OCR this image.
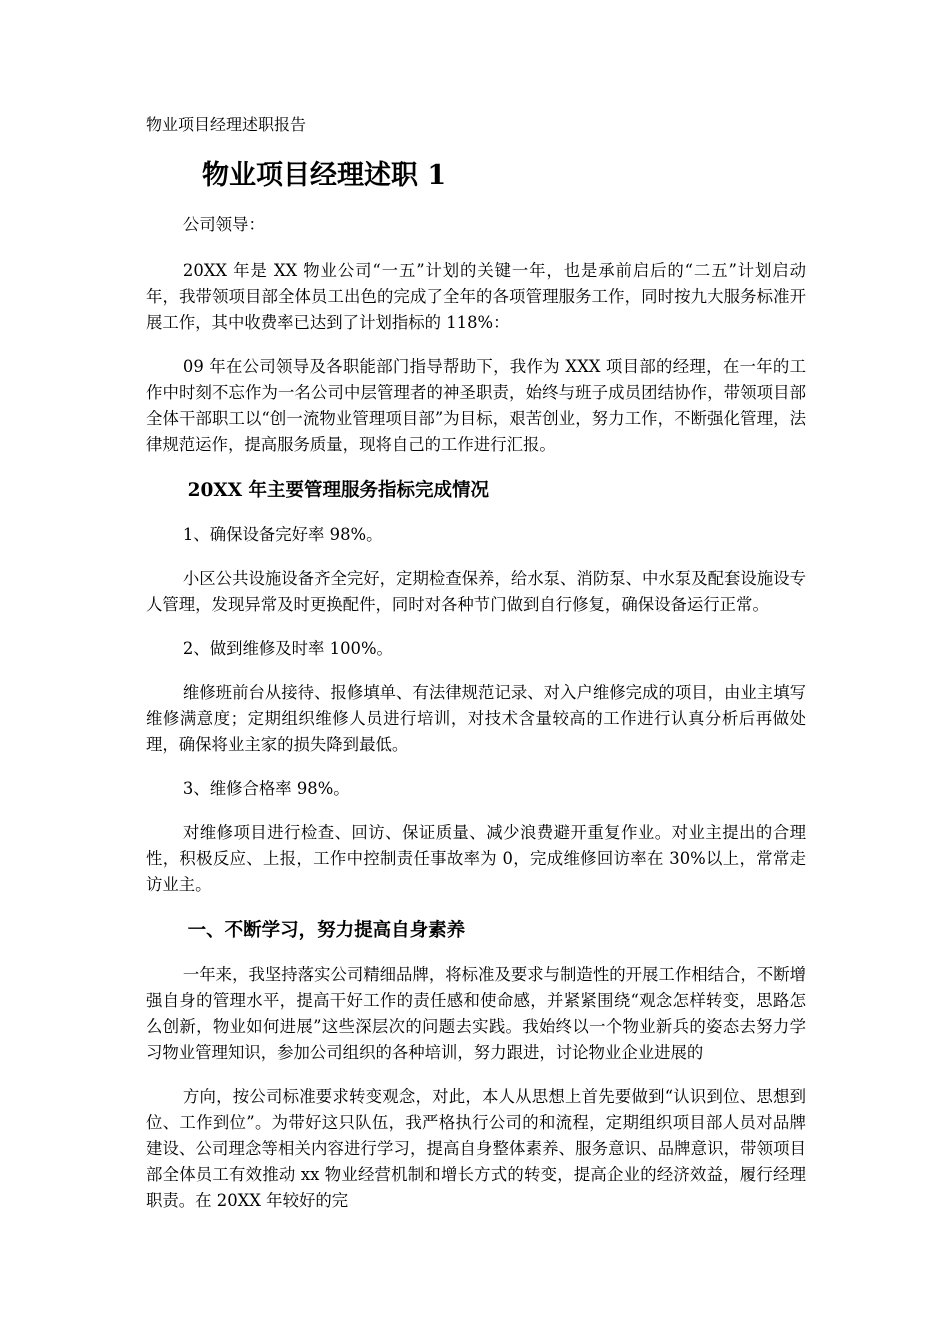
物业项目经理述职报告
物业项目经理述职 1
公司领导：

20XX 年是 XX 物业公司“一五”计划的关键一年，也是承前启后的“二五”计划启动年，我带领项目部全体员工出色的完成了全年的各项管理服务工作，同时按九大服务标准开展工作，其中收费率已达到了计划指标的 118%：

09 年在公司领导及各职能部门指导帮助下，我作为 XXX 项目部的经理，在一年的工作中时刻不忘作为一名公司中层管理者的神圣职责，始终与班子成员团结协作，带领项目部全体干部职工以“创一流物业管理项目部”为目标，艰苦创业，努力工作，不断强化管理，法律规范运作，提高服务质量，现将自己的工作进行汇报。

20XX 年主要管理服务指标完成情况
1、确保设备完好率 98%。

小区公共设施设备齐全完好，定期检查保养，给水泵、消防泵、中水泵及配套设施设专人管理，发现异常及时更换配件，同时对各种节门做到自行修复，确保设备运行正常。

2、做到维修及时率 100%。

维修班前台从接待、报修填单、有法律规范记录、对入户维修完成的项目，由业主填写维修满意度；定期组织维修人员进行培训，对技术含量较高的工作进行认真分析后再做处理，确保将业主家的损失降到最低。

3、维修合格率 98%。

对维修项目进行检查、回访、保证质量、减少浪费避开重复作业。对业主提出的合理性，积极反应、上报，工作中控制责任事故率为 0，完成维修回访率在 30%以上，常常走访业主。

一、不断学习，努力提高自身素养

一年来，我坚持落实公司精细品牌，将标准及要求与制造性的开展工作相结合，不断增强自身的管理水平，提高干好工作的责任感和使命感，并紧紧围绕“观念怎样转变，思路怎么创新，物业如何进展”这些深层次的问题去实践。我始终以一个物业新兵的姿态去努力学习物业管理知识，参加公司组织的各种培训，努力跟进，讨论物业企业进展的

方向，按公司标准要求转变观念，对此，本人从思想上首先要做到“认识到位、思想到位、工作到位”。为带好这只队伍，我严格执行公司的和流程，定期组织项目部人员对品牌建设、公司理念等相关内容进行学习，提高自身整体素养、服务意识、品牌意识，带领项目部全体员工有效推动 xx 物业经营机制和增长方式的转变，提高企业的经济效益，履行经理职责。在 20XX 年较好的完
